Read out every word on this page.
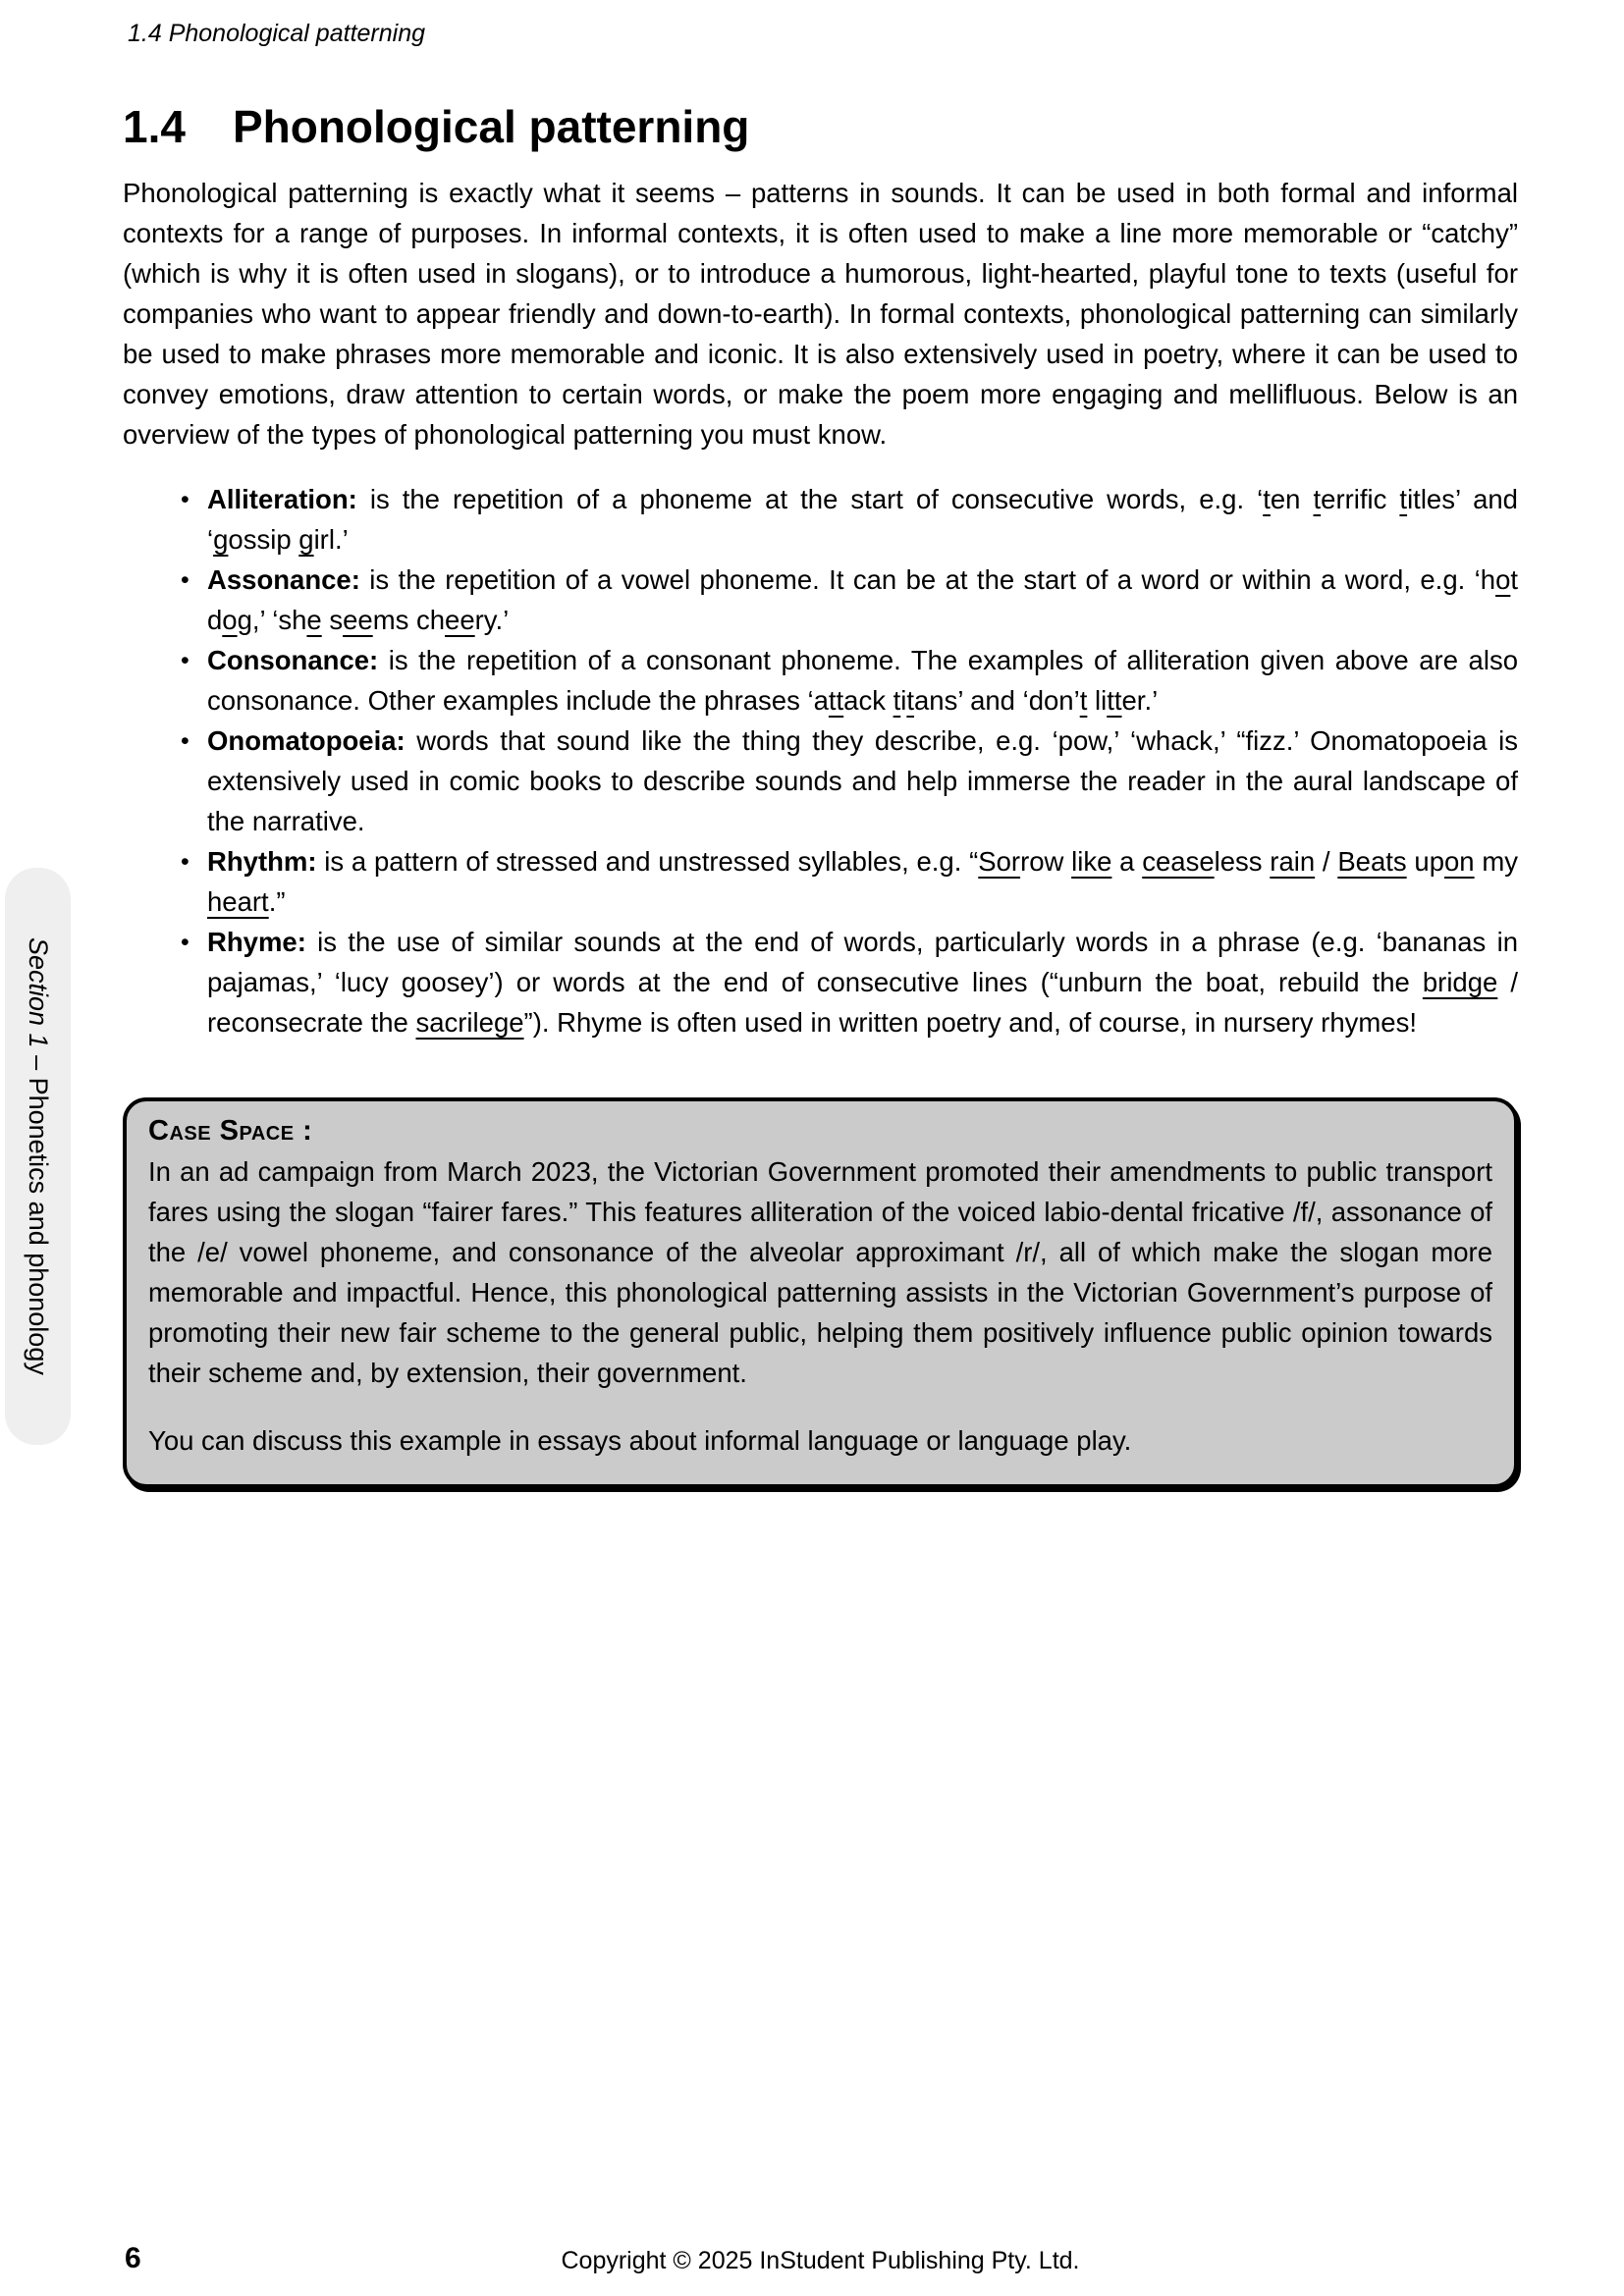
1.4 Phonological patterning
1.4 Phonological patterning

Phonological patterning is exactly what it seems – patterns in sounds. It can be used in both formal and informal contexts for a range of purposes. In informal contexts, it is often used to make a line more memorable or “catchy” (which is why it is often used in slogans), or to introduce a humorous, light-hearted, playful tone to texts (useful for companies who want to appear friendly and down-to-earth). In formal contexts, phonological patterning can similarly be used to make phrases more memorable and iconic. It is also extensively used in poetry, where it can be used to convey emotions, draw attention to certain words, or make the poem more engaging and mellifluous. Below is an overview of the types of phonological patterning you must know.

• Alliteration: is the repetition of a phoneme at the start of consecutive words, e.g. ‘ten terrific titles’ and ‘gossip girl.’
• Assonance: is the repetition of a vowel phoneme. It can be at the start of a word or within a word, e.g. ‘hot dog,’ ‘she seems cheery.’
• Consonance: is the repetition of a consonant phoneme. The examples of alliteration given above are also consonance. Other examples include the phrases ‘attack titans’ and ‘don’t litter.’
• Onomatopoeia: words that sound like the thing they describe, e.g. ‘pow,’ ‘whack,’ “fizz.’ Onomatopoeia is extensively used in comic books to describe sounds and help immerse the reader in the aural landscape of the narrative.
• Rhythm: is a pattern of stressed and unstressed syllables, e.g. “Sorrow like a ceaseless rain / Beats upon my heart.”
• Rhyme: is the use of similar sounds at the end of words, particularly words in a phrase (e.g. ‘bananas in pajamas,’ ‘lucy goosey’) or words at the end of consecutive lines (“unburn the boat, rebuild the bridge / reconsecrate the sacrilege”). Rhyme is often used in written poetry and, of course, in nursery rhymes!
Case Space :

In an ad campaign from March 2023, the Victorian Government promoted their amendments to public transport fares using the slogan “fairer fares.” This features alliteration of the voiced labio-dental fricative /f/, assonance of the /e/ vowel phoneme, and consonance of the alveolar approximant /r/, all of which make the slogan more memorable and impactful. Hence, this phonological patterning assists in the Victorian Government’s purpose of promoting their new fair scheme to the general public, helping them positively influence public opinion towards their scheme and, by extension, their government.

You can discuss this example in essays about informal language or language play.

Section 1 – Phonetics and phonology
6	Copyright © 2025 InStudent Publishing Pty. Ltd.
